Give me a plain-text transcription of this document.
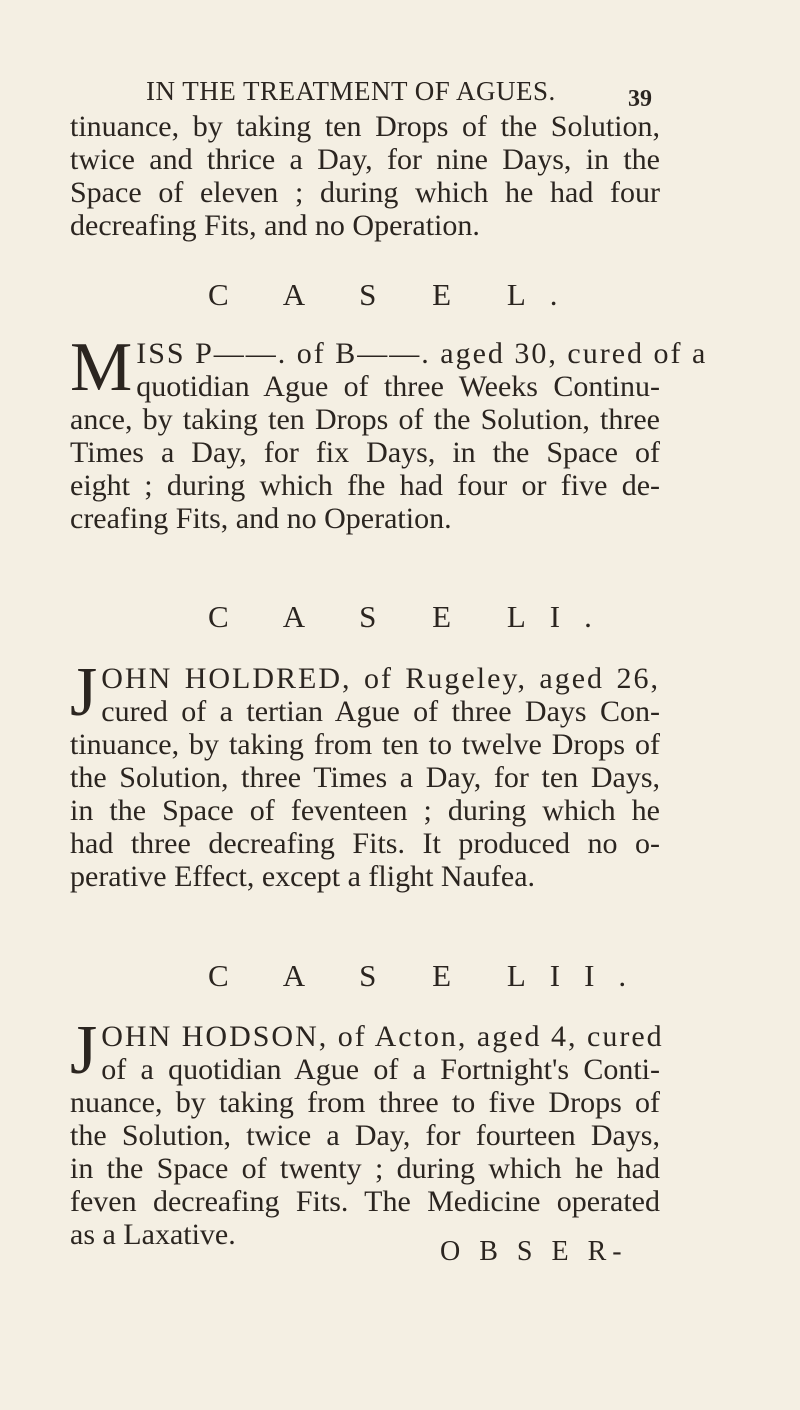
IN THE TREATMENT OF AGUES.	39
tinuance, by taking ten Drops of the Solution,
twice and thrice a Day, for nine Days, in the
Space of eleven ; during which he had four
decreafing Fits, and no Operation.
C A S E L.
M ISS P——. of B——. aged 30, cured of a
quotidian Ague of three Weeks Continu-
ance, by taking ten Drops of the Solution, three
Times a Day, for fix Days, in the Space of
eight ; during which fhe had four or five de-
creafing Fits, and no Operation.
C A S E LI.
J OHN HOLDRED, of Rugeley, aged 26,
cured of a tertian Ague of three Days Con-
tinuance, by taking from ten to twelve Drops of
the Solution, three Times a Day, for ten Days,
in the Space of feventeen ; during which he
had three decreafing Fits. It produced no o-
perative Effect, except a flight Naufea.
C A S E LII.
J OHN HODSON, of Acton, aged 4, cured
of a quotidian Ague of a Fortnight's Conti-
nuance, by taking from three to five Drops of
the Solution, twice a Day, for fourteen Days,
in the Space of twenty ; during which he had
feven decreafing Fits. The Medicine operated
as a Laxative.
O B S E R-
